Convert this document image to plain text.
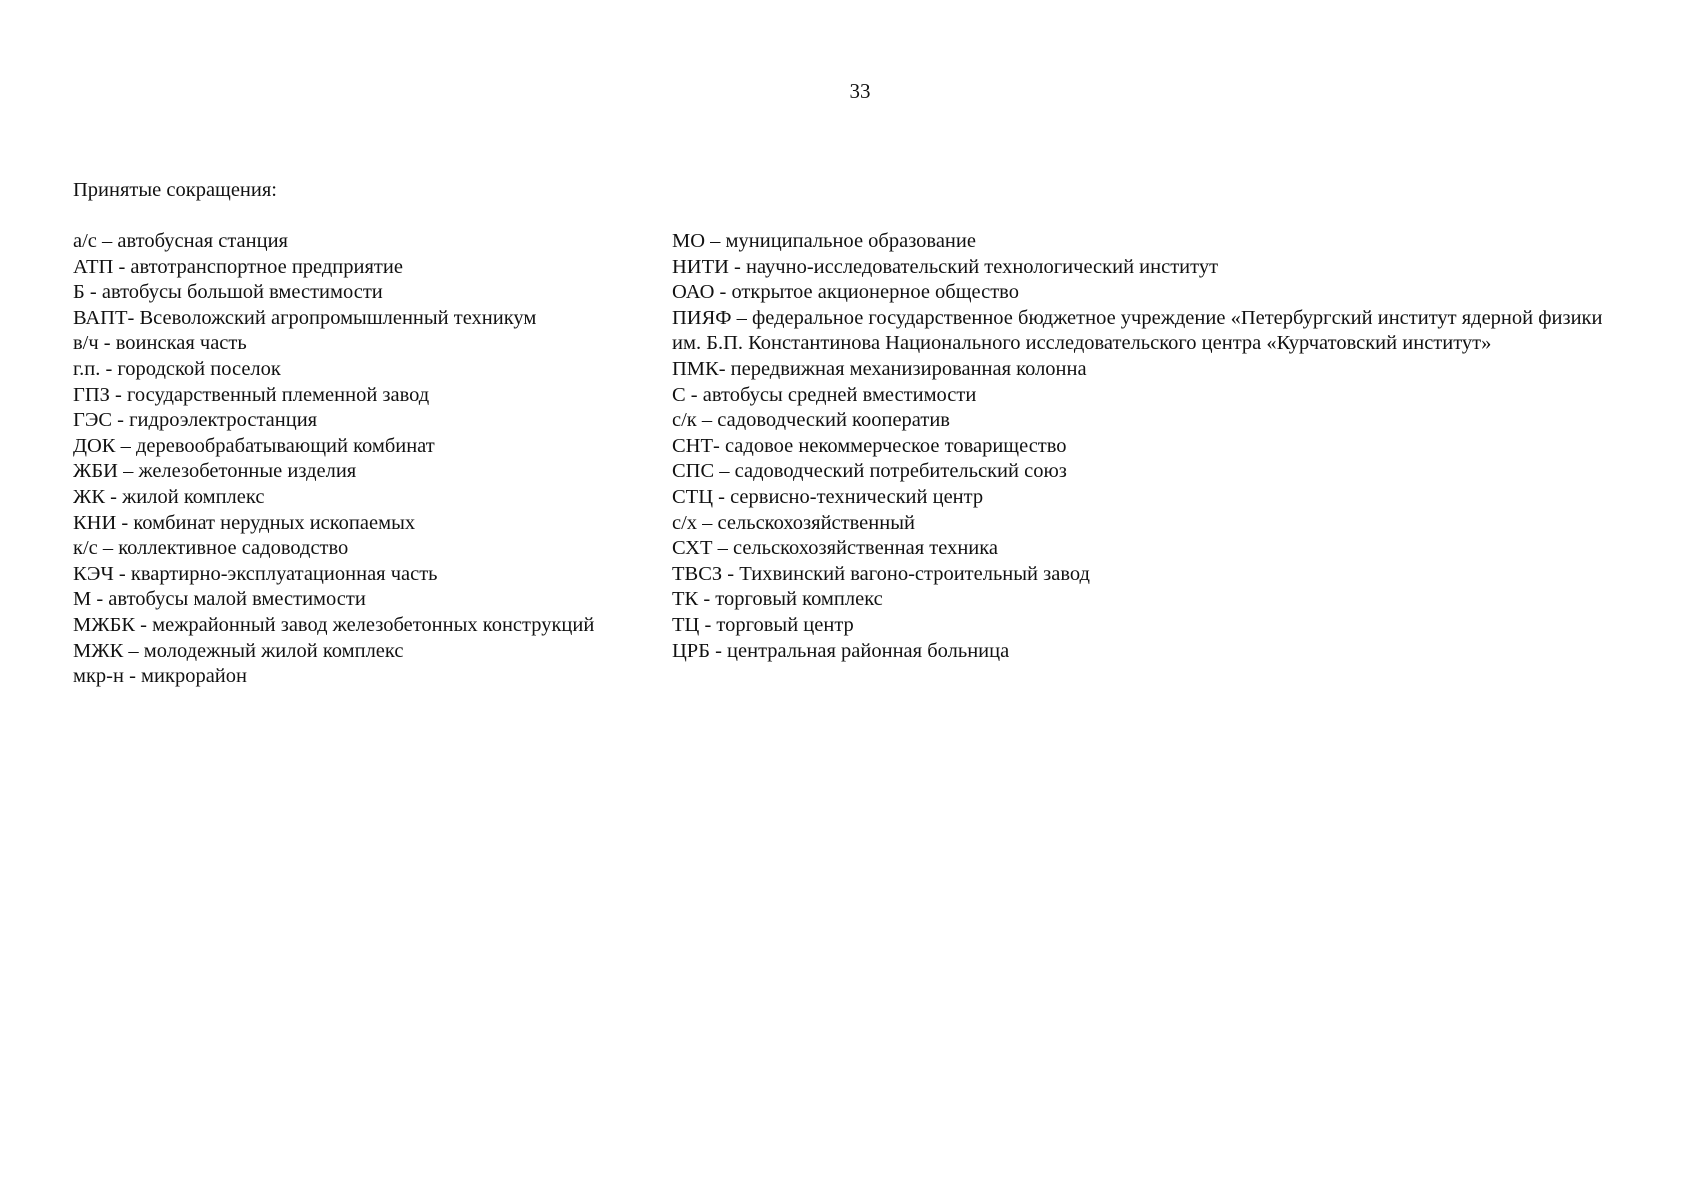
33
Принятые сокращения:
а/с – автобусная станция
АТП - автотранспортное предприятие
Б - автобусы большой вместимости
ВАПТ- Всеволожский агропромышленный техникум
в/ч - воинская часть
г.п. - городской поселок
ГПЗ - государственный племенной завод
ГЭС - гидроэлектростанция
ДОК – деревообрабатывающий комбинат
ЖБИ – железобетонные изделия
ЖК - жилой комплекс
КНИ - комбинат нерудных ископаемых
к/с – коллективное садоводство
КЭЧ - квартирно-эксплуатационная часть
М - автобусы малой вместимости
МЖБК - межрайонный завод железобетонных конструкций
МЖК – молодежный жилой комплекс
мкр-н - микрорайон
МО – муниципальное образование
НИТИ - научно-исследовательский технологический институт
ОАО - открытое акционерное общество
ПИЯФ – федеральное государственное бюджетное учреждение «Петербургский институт ядерной физики им. Б.П. Константинова Национального исследовательского центра «Курчатовский институт»
ПМК- передвижная механизированная колонна
С - автобусы средней вместимости
с/к – садоводческий кооператив
СНТ- садовое некоммерческое товарищество
СПС – садоводческий потребительский союз
СТЦ - сервисно-технический центр
с/х – сельскохозяйственный
СХТ – сельскохозяйственная техника
ТВСЗ - Тихвинский вагоно-строительный завод
ТК - торговый комплекс
ТЦ - торговый центр
ЦРБ - центральная районная больница
